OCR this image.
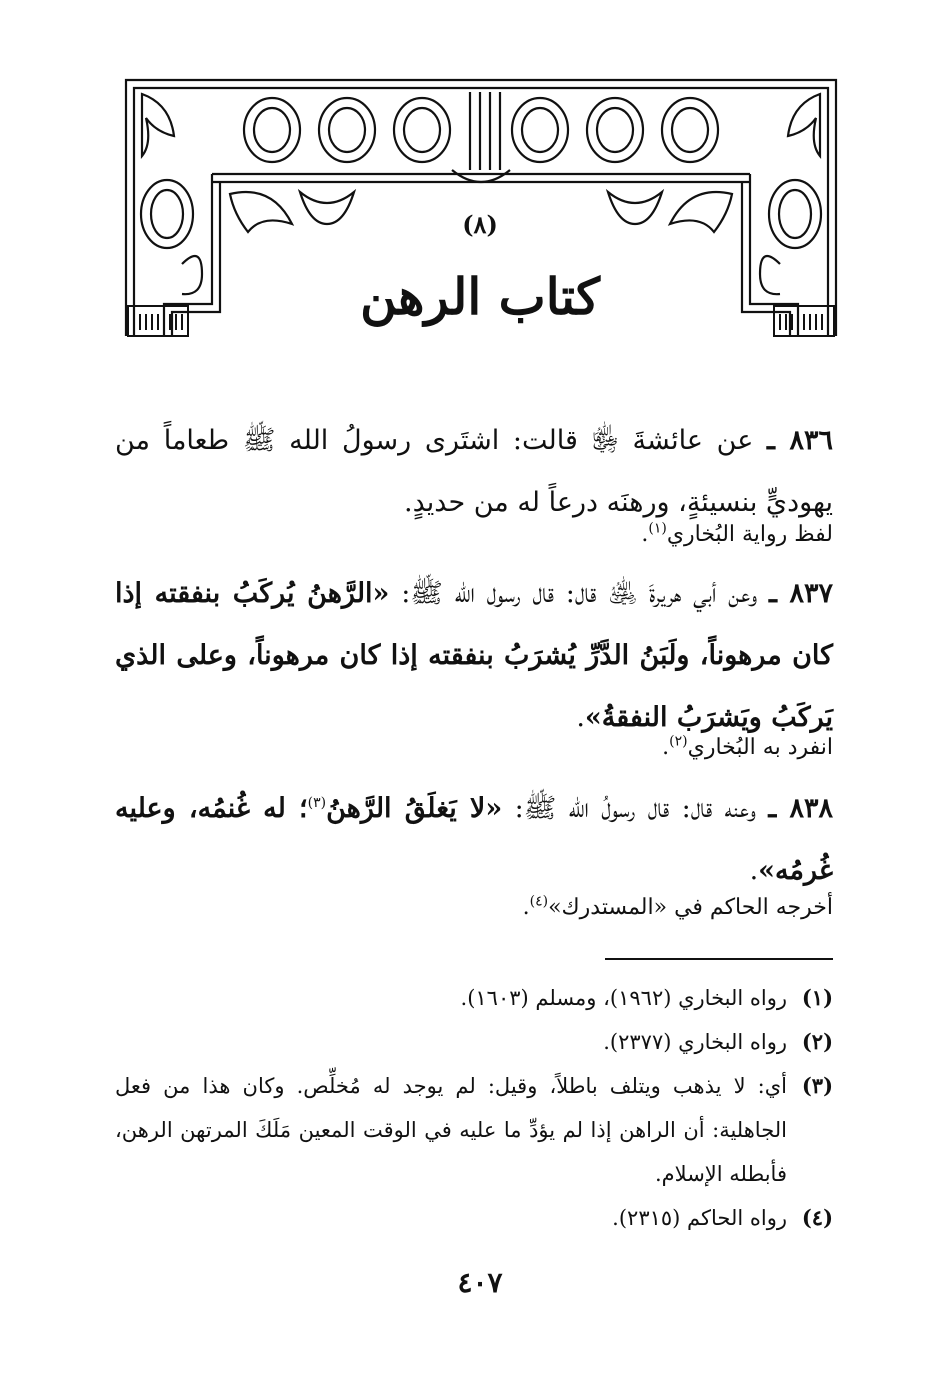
(٨)
كتاب الرهن
٨٣٦ ـ عن عائشةَ ﵂ قالت: اشتَرى رسولُ الله ﷺ طعاماً من يهوديٍّ بنسيئةٍ، ورهنَه درعاً له من حديدٍ.
لفظ رواية البُخاري$^{(١)}$.
٨٣٧ ـ وعن أبي هريرةَ ﵁ قال: قال رسول الله ﷺ: «الرَّهنُ يُركَبُ بنفقته إذا كان مرهوناً، ولَبَنُ الدَّرِّ يُشرَبُ بنفقته إذا كان مرهوناً، وعلى الذي يَركَبُ ويَشرَبُ النفقةُ».
انفرد به البُخاري$^{(٢)}$.
٨٣٨ ـ وعنه قال: قال رسولُ الله ﷺ: «لا يَغلَقُ الرَّهنُ$^{(٣)}$؛ له غُنمُه، وعليه غُرمُه».
أخرجه الحاكم في «المستدرك»$^{(٤)}$.
(١)
رواه البخاري (١٩٦٢)، ومسلم (١٦٠٣).
(٢)
رواه البخاري (٢٣٧٧).
(٣)
أي: لا يذهب ويتلف باطلاً، وقيل: لم يوجد له مُخلِّص. وكان هذا من فعل الجاهلية: أن الراهن إذا لم يؤدِّ ما عليه في الوقت المعين مَلَكَ المرتهن الرهن، فأبطله الإسلام.
(٤)
رواه الحاكم (٢٣١٥).
٤٠٧
